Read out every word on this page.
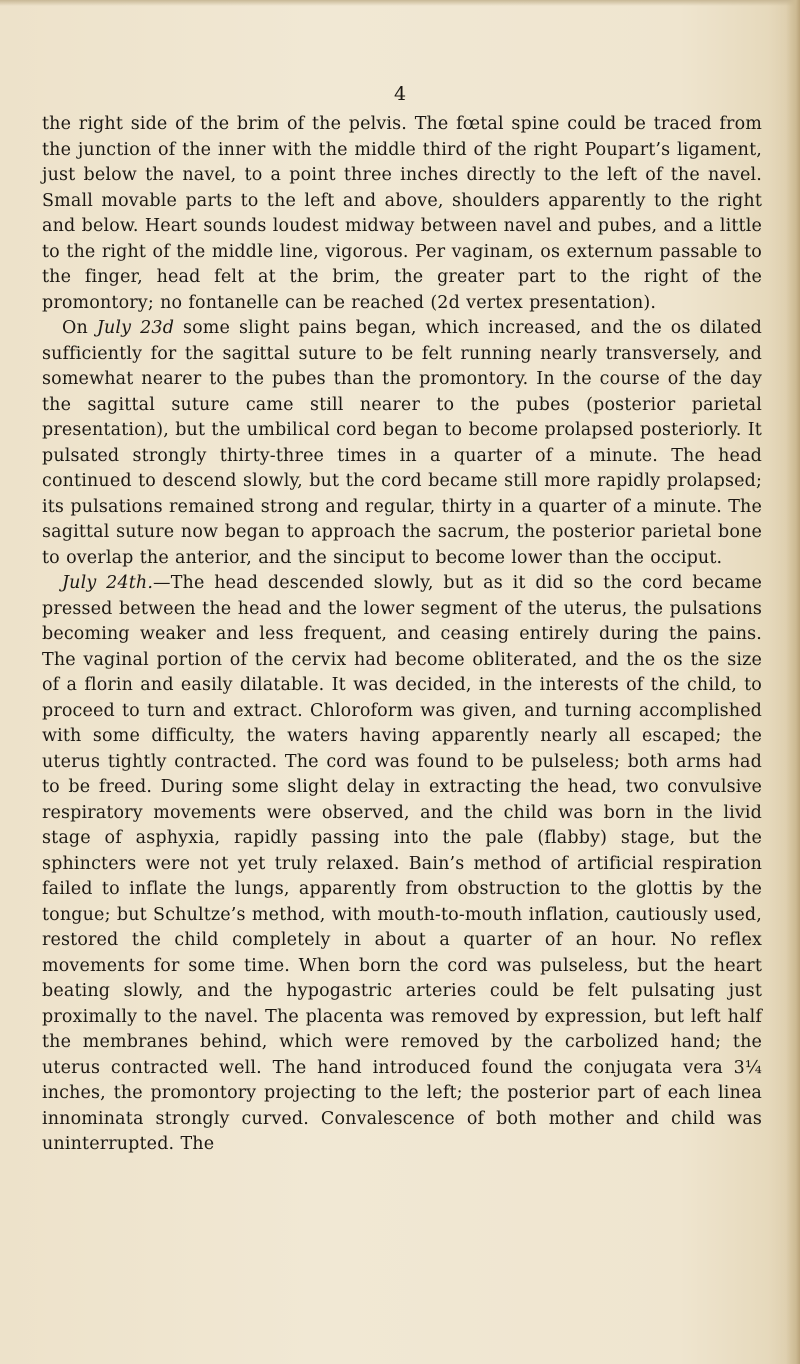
4

the right side of the brim of the pelvis. The fœtal spine could be traced from the junction of the inner with the middle third of the right Poupart’s ligament, just below the navel, to a point three inches directly to the left of the navel. Small movable parts to the left and above, shoulders apparently to the right and below. Heart sounds loudest midway between navel and pubes, and a little to the right of the middle line, vigorous. Per vaginam, os externum passable to the finger, head felt at the brim, the greater part to the right of the promontory; no fontanelle can be reached (2d vertex presentation).

On July 23d some slight pains began, which increased, and the os dilated sufficiently for the sagittal suture to be felt running nearly transversely, and somewhat nearer to the pubes than the promontory. In the course of the day the sagittal suture came still nearer to the pubes (posterior parietal presentation), but the umbilical cord began to become prolapsed posteriorly. It pulsated strongly thirty-three times in a quarter of a minute. The head continued to descend slowly, but the cord became still more rapidly prolapsed; its pulsations remained strong and regular, thirty in a quarter of a minute. The sagittal suture now began to approach the sacrum, the posterior parietal bone to overlap the anterior, and the sinciput to become lower than the occiput.

July 24th.—The head descended slowly, but as it did so the cord became pressed between the head and the lower segment of the uterus, the pulsations becoming weaker and less frequent, and ceasing entirely during the pains. The vaginal portion of the cervix had become obliterated, and the os the size of a florin and easily dilatable. It was decided, in the interests of the child, to proceed to turn and extract. Chloroform was given, and turning accomplished with some difficulty, the waters having apparently nearly all escaped; the uterus tightly contracted. The cord was found to be pulseless; both arms had to be freed. During some slight delay in extracting the head, two convulsive respiratory movements were observed, and the child was born in the livid stage of asphyxia, rapidly passing into the pale (flabby) stage, but the sphincters were not yet truly relaxed. Bain’s method of artificial respiration failed to inflate the lungs, apparently from obstruction to the glottis by the tongue; but Schultze’s method, with mouth-to-mouth inflation, cautiously used, restored the child completely in about a quarter of an hour. No reflex movements for some time. When born the cord was pulseless, but the heart beating slowly, and the hypogastric arteries could be felt pulsating just proximally to the navel. The placenta was removed by expression, but left half the membranes behind, which were removed by the carbolized hand; the uterus contracted well. The hand introduced found the conjugata vera 3¼ inches, the promontory projecting to the left; the posterior part of each linea innominata strongly curved. Convalescence of both mother and child was uninterrupted. The
